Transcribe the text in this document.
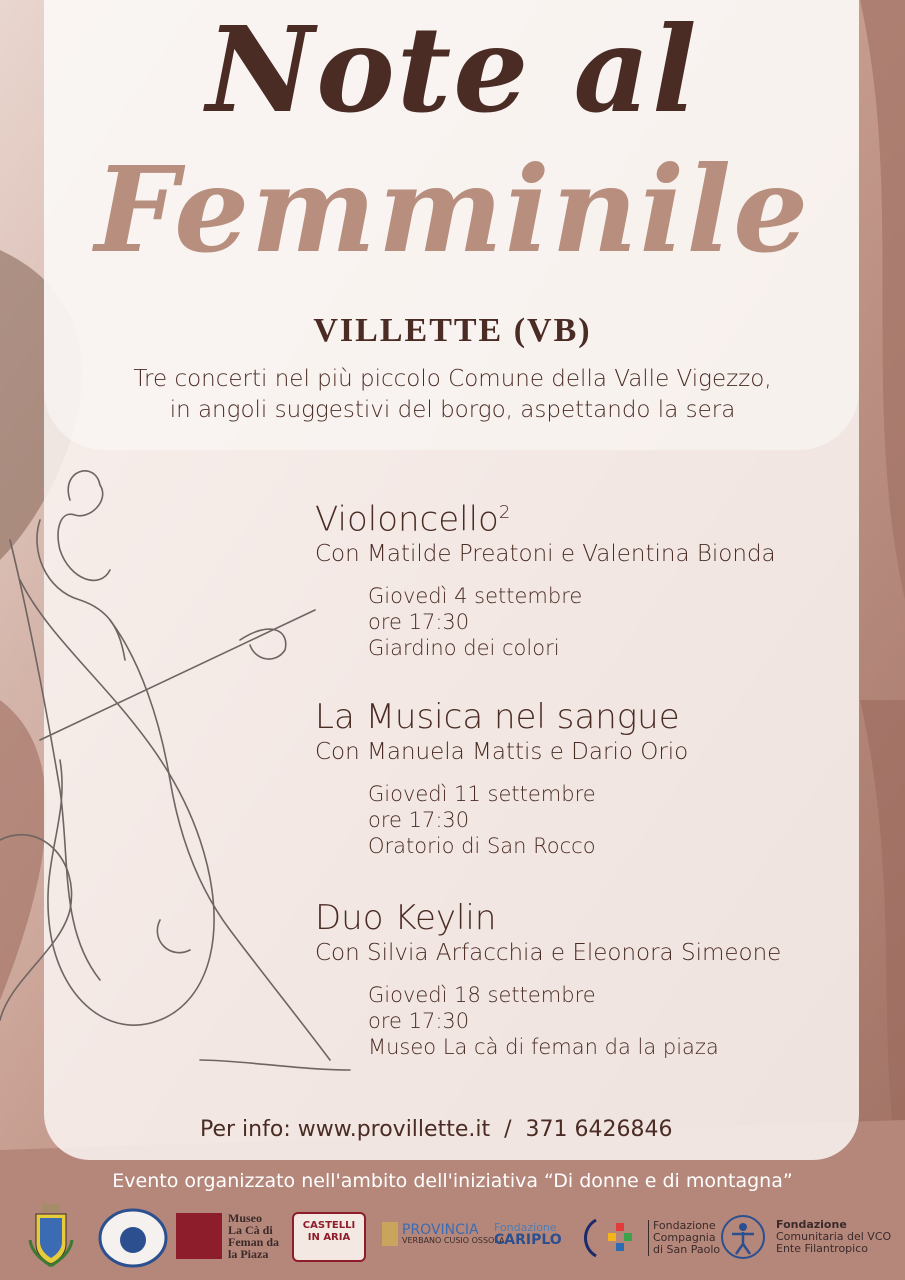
Note al
Femminile
VILLETTE (VB)
Tre concerti nel più piccolo Comune della Valle Vigezzo,
in angoli suggestivi del borgo, aspettando la sera
Violoncello$^2$
Con Matilde Preatoni e Valentina Bionda
Giovedì 4 settembre
ore 17:30
Giardino dei colori
La Musica nel sangue
Con Manuela Mattis e Dario Orio
Giovedì 11 settembre
ore 17:30
Oratorio di San Rocco
Duo Keylin
Con Silvia Arfacchia e Eleonora Simeone
Giovedì 18 settembre
ore 17:30
Museo La cà di feman da la piaza
Per info: www.provillette.it / 371 6426846
Evento organizzato nell'ambito dell'iniziativa “Di donne e di montagna”
Museo
La Cà di
Feman da
la Piaza
CASTELLI
IN ARIA	PROVINCIA
VERBANO CUSIO OSSOLA
Fondazione
CARIPLO
Fondazione
Compagnia
di San Paolo
Fondazione
Comunitaria del VCO
Ente Filantropico
